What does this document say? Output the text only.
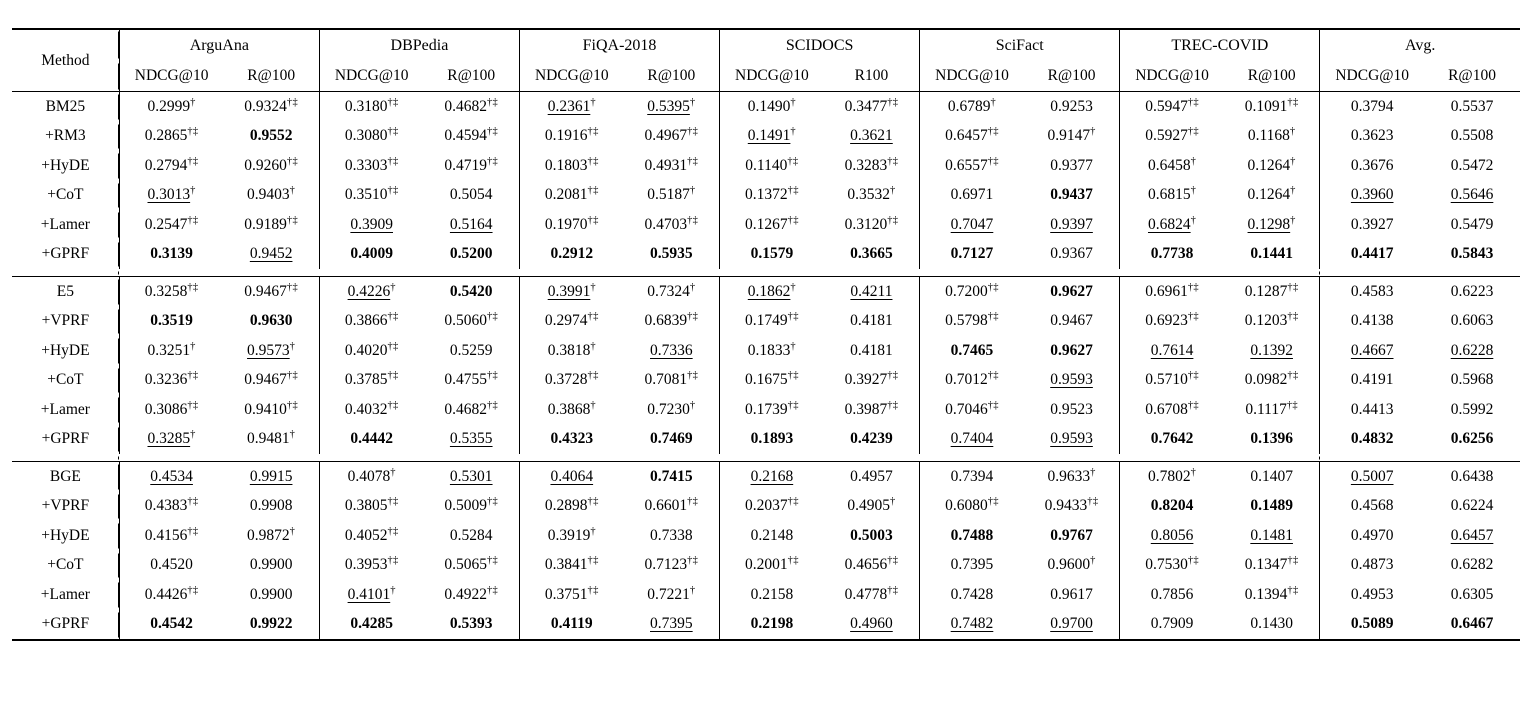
Method	ArguAna		DBPedia		FiQA-2018		SCIDOCS		SciFact		TREC-COVID		Avg.	
	NDCG@10	R@100	NDCG@10	R@100	NDCG@10	R@100	NDCG@10	R100	NDCG@10	R@100	NDCG@10	R@100	NDCG@10	R@100
BM25	0.2999†	0.9324†‡	0.3180†‡	0.4682†‡	0.2361†	0.5395†	0.1490†	0.3477†‡	0.6789†	0.9253	0.5947†‡	0.1091†‡	0.3794	0.5537
+RM3	0.2865†‡	0.9552	0.3080†‡	0.4594†‡	0.1916†‡	0.4967†‡	0.1491†	0.3621	0.6457†‡	0.9147†	0.5927†‡	0.1168†	0.3623	0.5508
+HyDE	0.2794†‡	0.9260†‡	0.3303†‡	0.4719†‡	0.1803†‡	0.4931†‡	0.1140†‡	0.3283†‡	0.6557†‡	0.9377	0.6458†	0.1264†	0.3676	0.5472
+CoT	0.3013†	0.9403†	0.3510†‡	0.5054	0.2081†‡	0.5187†	0.1372†‡	0.3532†	0.6971	0.9437	0.6815†	0.1264†	0.3960	0.5646
+Lamer	0.2547†‡	0.9189†‡	0.3909	0.5164	0.1970†‡	0.4703†‡	0.1267†‡	0.3120†‡	0.7047	0.9397	0.6824†	0.1298†	0.3927	0.5479
+GPRF	0.3139	0.9452	0.4009	0.5200	0.2912	0.5935	0.1579	0.3665	0.7127	0.9367	0.7738	0.1441	0.4417	0.5843

E5	0.3258†‡	0.9467†‡	0.4226†	0.5420	0.3991†	0.7324†	0.1862†	0.4211	0.7200†‡	0.9627	0.6961†‡	0.1287†‡	0.4583	0.6223
+VPRF	0.3519	0.9630	0.3866†‡	0.5060†‡	0.2974†‡	0.6839†‡	0.1749†‡	0.4181	0.5798†‡	0.9467	0.6923†‡	0.1203†‡	0.4138	0.6063
+HyDE	0.3251†	0.9573†	0.4020†‡	0.5259	0.3818†	0.7336	0.1833†	0.4181	0.7465	0.9627	0.7614	0.1392	0.4667	0.6228
+CoT	0.3236†‡	0.9467†‡	0.3785†‡	0.4755†‡	0.3728†‡	0.7081†‡	0.1675†‡	0.3927†‡	0.7012†‡	0.9593	0.5710†‡	0.0982†‡	0.4191	0.5968
+Lamer	0.3086†‡	0.9410†‡	0.4032†‡	0.4682†‡	0.3868†	0.7230†	0.1739†‡	0.3987†‡	0.7046†‡	0.9523	0.6708†‡	0.1117†‡	0.4413	0.5992
+GPRF	0.3285†	0.9481†	0.4442	0.5355	0.4323	0.7469	0.1893	0.4239	0.7404	0.9593	0.7642	0.1396	0.4832	0.6256

BGE	0.4534	0.9915	0.4078†	0.5301	0.4064	0.7415	0.2168	0.4957	0.7394	0.9633†	0.7802†	0.1407	0.5007	0.6438
+VPRF	0.4383†‡	0.9908	0.3805†‡	0.5009†‡	0.2898†‡	0.6601†‡	0.2037†‡	0.4905†	0.6080†‡	0.9433†‡	0.8204	0.1489	0.4568	0.6224
+HyDE	0.4156†‡	0.9872†	0.4052†‡	0.5284	0.3919†	0.7338	0.2148	0.5003	0.7488	0.9767	0.8056	0.1481	0.4970	0.6457
+CoT	0.4520	0.9900	0.3953†‡	0.5065†‡	0.3841†‡	0.7123†‡	0.2001†‡	0.4656†‡	0.7395	0.9600†	0.7530†‡	0.1347†‡	0.4873	0.6282
+Lamer	0.4426†‡	0.9900	0.4101†	0.4922†‡	0.3751†‡	0.7221†	0.2158	0.4778†‡	0.7428	0.9617	0.7856	0.1394†‡	0.4953	0.6305
+GPRF	0.4542	0.9922	0.4285	0.5393	0.4119	0.7395	0.2198	0.4960	0.7482	0.9700	0.7909	0.1430	0.5089	0.6467
